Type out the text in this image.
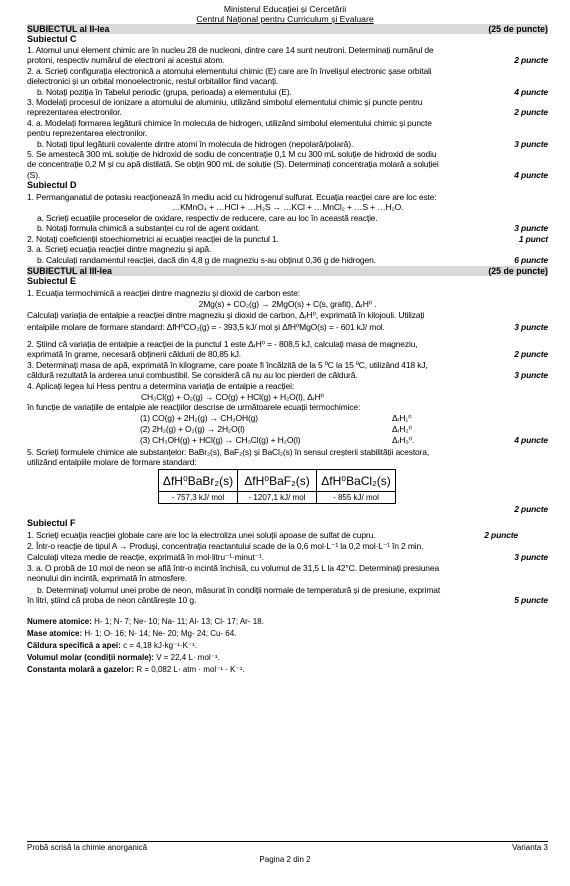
Ministerul Educației și Cercetării
Centrul Național pentru Curriculum și Evaluare
SUBIECTUL al II-lea	(25 de puncte)
Subiectul C
1. Atomul unui element chimic are în nucleu 28 de nucleoni, dintre care 14 sunt neutroni. Determinați numărul de
protoni, respectiv numărul de electroni ai acestui atom.	2 puncte
2. a. Scrieți configurația electronică a atomului elementului chimic (E) care are în învelișul electronic șase orbitali
dielectronici și un orbital monoelectronic, restul orbitalilor fiind vacanți.
b. Notați poziția în Tabelul periodic (grupa, perioada) a elementului (E).	4 puncte
3. Modelați procesul de ionizare a atomului de aluminiu, utilizând simbolul elementului chimic și puncte pentru
reprezentarea electronilor.	2 puncte
4. a. Modelați formarea legăturii chimice în molecula de hidrogen, utilizând simbolul elementului chimic și puncte
pentru reprezentarea electronilor.
b. Notați tipul legăturii covalente dintre atomi în molecula de hidrogen (nepolară/polară).	3 puncte
5. Se amestecă 300 mL soluție de hidroxid de sodiu de concentrație 0,1 M cu 300 mL soluție de hidroxid de sodiu
de concentrație 0,2 M și cu apă distilată. Se obțin 900 mL de soluție (S). Determinați concentrația molară a soluției
(S).	4 puncte
Subiectul D
1. Permanganatul de potasiu reacționează în mediu acid cu hidrogenul sulfurat. Ecuația reacției care are loc este:
…KMnO₄ + …HCl + …H₂S → …KCl + …MnCl₂ + …S + …H₂O.
a. Scrieți ecuațiile proceselor de oxidare, respectiv de reducere, care au loc în această reacție.
b. Notați formula chimică a substanței cu rol de agent oxidant.	3 puncte
2. Notați coeficienții stoechiometrici ai ecuației reacției de la punctul 1.	1 punct
3. a. Scrieți ecuația reacției dintre magneziu și apă.
b. Calculați randamentul reacției, dacă din 4,8 g de magneziu s-au obținut 0,36 g de hidrogen.	6 puncte
SUBIECTUL al III-lea	(25 de puncte)
Subiectul E
1. Ecuația termochimică a reacției dintre magneziu și dioxid de carbon este:
2Mg(s) + CO₂(g) → 2MgO(s) + C(s, grafit), ΔᵣH⁰ .
Calculați variația de entalpie a reacției dintre magneziu și dioxid de carbon, ΔᵣH⁰, exprimată în kilojouli. Utilizați
entalpiile molare de formare standard: ΔfH⁰CO₂(g) = - 393,5 kJ/ mol și ΔfH⁰MgO(s) = - 601 kJ/ mol.	3 puncte
2. Știind că variația de entalpie a reacției de la punctul 1 este ΔᵣH⁰ = - 808,5 kJ, calculați masa de magneziu,
exprimată în grame, necesară obținerii căldurii de 80,85 kJ.	2 puncte
3. Determinați masa de apă, exprimată în kilograme, care poate fi încălzită de la 5 ºC la 15 ºC, utilizând 418 kJ,
căldură rezultată la arderea unui combustibil. Se consideră că nu au loc pierderi de căldură.	3 puncte
4. Aplicați legea lui Hess pentru a determina variația de entalpie a reacției:
CH₃Cl(g) + O₂(g) → CO(g) + HCl(g) + H₂O(l), ΔᵣH⁰
în funcție de variațiile de entalpie ale reacțiilor descrise de următoarele ecuații termochimice:
(1) CO(g) + 2H₂(g) → CH₃OH(g)	ΔᵣH₁⁰
(2) 2H₂(g) + O₂(g) → 2H₂O(l)	ΔᵣH₂⁰
(3) CH₃OH(g) + HCl(g) → CH₃Cl(g) + H₂O(l)	ΔᵣH₃⁰.	4 puncte
5. Scrieți formulele chimice ale substanțelor: BaBr₂(s), BaF₂(s) și BaCl₂(s) în sensul creșterii stabilității acestora,
utilizând entalpiile molare de formare standard:
ΔfH⁰BaBr₂(s)	ΔfH⁰BaF₂(s)	ΔfH⁰BaCl₂(s)
- 757,3 kJ/ mol	- 1207,1 kJ/ mol	- 855 kJ/ mol
2 puncte
Subiectul F
1. Scrieți ecuația reacției globale care are loc la electroliza unei soluții apoase de sulfat de cupru.	2 puncte
2. Într-o reacție de tipul A → Produși, concentrația reactantului scade de la 0,6 mol·L⁻¹ la 0,2 mol·L⁻¹ în 2 min.
Calculați viteza medie de reacție, exprimată în mol·litru⁻¹·minut⁻¹.	3 puncte
3. a. O probă de 10 mol de neon se află într-o incintă închisă, cu volumul de 31,5 L la 42°C. Determinați presiunea
neonului din incintă, exprimată în atmosfere.
b. Determinați volumul unei probe de neon, măsurat în condiții normale de temperatură și de presiune, exprimat
în litri, știind că proba de neon cântărește 10 g.	5 puncte
Numere atomice: H- 1; N- 7; Ne- 10; Na- 11; Al- 13; Cl- 17; Ar- 18.
Mase atomice: H- 1; O- 16; N- 14; Ne- 20; Mg- 24; Cu- 64.
Căldura specifică a apei: c = 4,18 kJ·kg⁻¹·K⁻¹.
Volumul molar (condiții normale): V = 22,4 L· mol⁻¹.
Constanta molară a gazelor: R = 0,082 L· atm · mol⁻¹ · K⁻¹.
Probă scrisă la chimie anorganică
Pagina 2 din 2
Varianta 3
